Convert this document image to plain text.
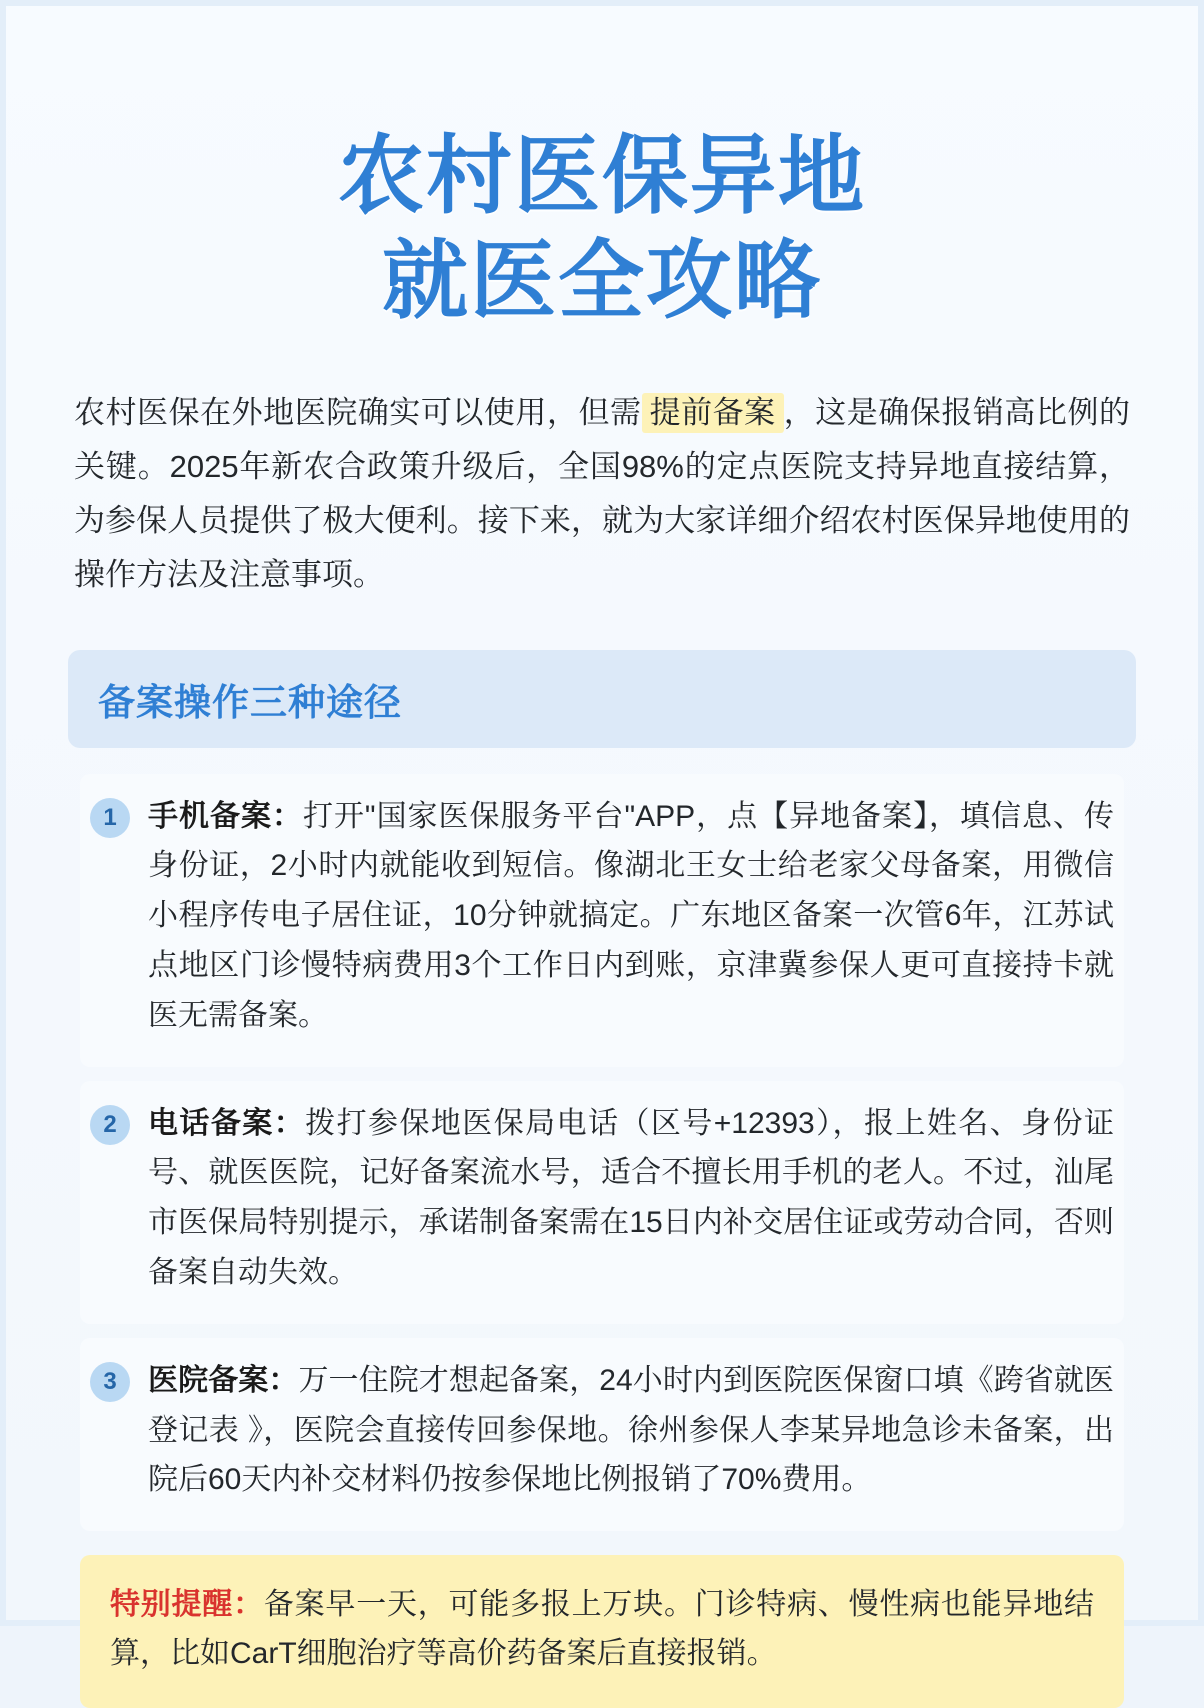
农村医保异地
就医全攻略

农村医保在外地医院确实可以使用，但需 提前备案 ，这是确保报销高比例的关键。2025年新农合政策升级后，全国98%的定点医院支持异地直接结算，为参保人员提供了极大便利。接下来，就为大家详细介绍农村医保异地使用的操作方法及注意事项。

备案操作三种途径
1	手机备案：打开"国家医保服务平台"APP，点【异地备案】，填信息、传身份证，2小时内就能收到短信。像湖北王女士给老家父母备案，用微信小程序传电子居住证，10分钟就搞定。广东地区备案一次管6年，江苏试点地区门诊慢特病费用3个工作日内到账，京津冀参保人更可直接持卡就医无需备案。
2	电话备案：拨打参保地医保局电话（区号+12393），报上姓名、身份证号、就医医院，记好备案流水号，适合不擅长用手机的老人。不过，汕尾市医保局特别提示，承诺制备案需在15日内补交居住证或劳动合同，否则备案自动失效。
3	医院备案：万一住院才想起备案，24小时内到医院医保窗口填《跨省就医登记表 》，医院会直接传回参保地。徐州参保人李某异地急诊未备案，出院后60天内补交材料仍按参保地比例报销了70%费用。
特别提醒：备案早一天，可能多报上万块。门诊特病、慢性病也能异地结算，比如CarT细胞治疗等高价药备案后直接报销。
